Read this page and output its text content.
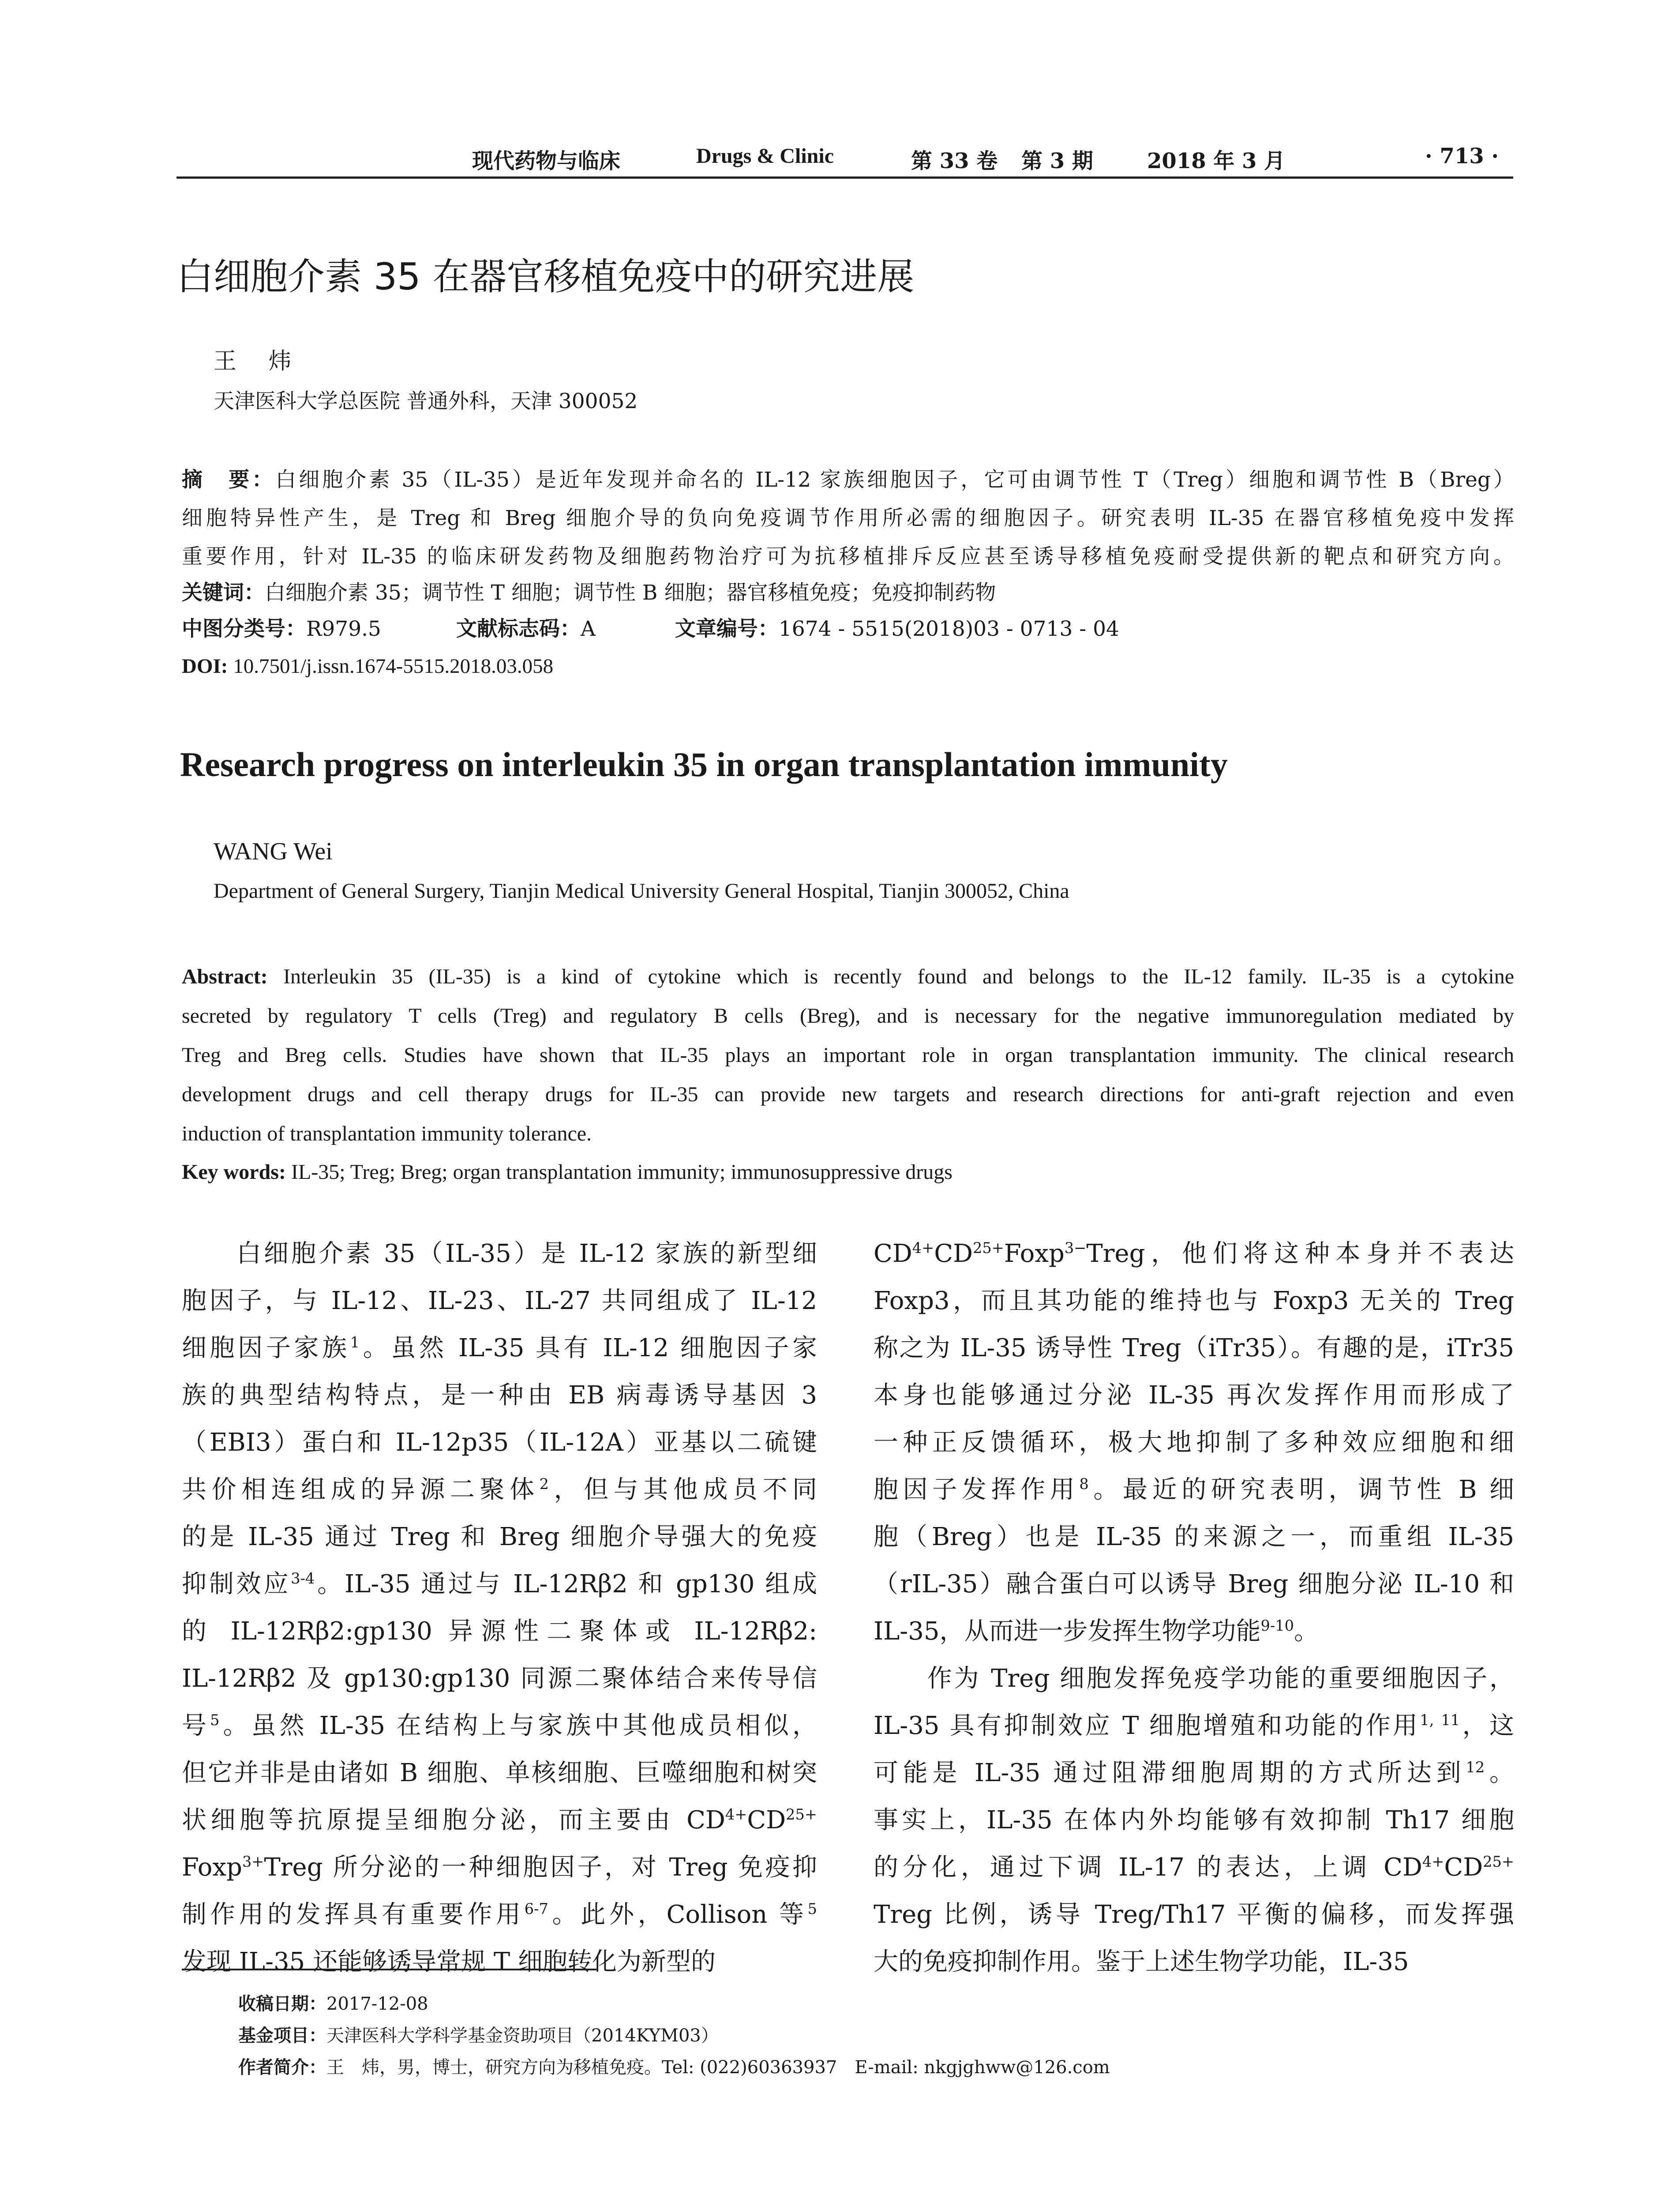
现代药物与临床	Drugs & Clinic	第 33 卷 第 3 期	2018 年 3 月	· 713 ·
白细胞介素 35 在器官移植免疫中的研究进展
王 炜
天津医科大学总医院 普通外科，天津 300052
摘　要：白细胞介素 35（IL-35）是近年发现并命名的 IL-12 家族细胞因子，它可由调节性 T（Treg）细胞和调节性 B（Breg）
细胞特异性产生，是 Treg 和 Breg 细胞介导的负向免疫调节作用所必需的细胞因子。研究表明 IL-35 在器官移植免疫中发挥
重要作用，针对 IL-35 的临床研发药物及细胞药物治疗可为抗移植排斥反应甚至诱导移植免疫耐受提供新的靶点和研究方向。
关键词：白细胞介素 35；调节性 T 细胞；调节性 B 细胞；器官移植免疫；免疫抑制药物
中图分类号：R979.5	文献标志码：A	文章编号：1674 - 5515(2018)03 - 0713 - 04
DOI: 10.7501/j.issn.1674-5515.2018.03.058
Research progress on interleukin 35 in organ transplantation immunity
WANG Wei
Department of General Surgery, Tianjin Medical University General Hospital, Tianjin 300052, China
Abstract: Interleukin 35 (IL-35) is a kind of cytokine which is recently found and belongs to the IL-12 family. IL-35 is a cytokine
secreted by regulatory T cells (Treg) and regulatory B cells (Breg), and is necessary for the negative immunoregulation mediated by
Treg and Breg cells. Studies have shown that IL-35 plays an important role in organ transplantation immunity. The clinical research
development drugs and cell therapy drugs for IL-35 can provide new targets and research directions for anti-graft rejection and even
induction of transplantation immunity tolerance.
Key words: IL-35; Treg; Breg; organ transplantation immunity; immunosuppressive drugs
　　白细胞介素 35（IL-35）是 IL-12 家族的新型细
胞因子，与 IL-12、IL-23、IL-27 共同组成了 IL-12
细胞因子家族$^1$。虽然 IL-35 具有 IL-12 细胞因子家
族的典型结构特点，是一种由 EB 病毒诱导基因 3
（EBI3）蛋白和 IL-12p35（IL-12A）亚基以二硫键
共价相连组成的异源二聚体$^2$，但与其他成员不同
的是 IL-35 通过 Treg 和 Breg 细胞介导强大的免疫
抑制效应$^{3-4}$。IL-35 通过与 IL-12Rβ2 和 gp130 组成
的 IL-12Rβ2:gp130 异源性二聚体或 IL-12Rβ2:
IL-12Rβ2 及 gp130:gp130 同源二聚体结合来传导信
号$^5$。虽然 IL-35 在结构上与家族中其他成员相似，
但它并非是由诸如 B 细胞、单核细胞、巨噬细胞和树突
状细胞等抗原提呈细胞分泌，而主要由 $CD^{4+}CD^{25+}$
Foxp$^{3+}$Treg 所分泌的一种细胞因子，对 Treg 免疫抑
制作用的发挥具有重要作用$^{6-7}$。此外，Collison 等$^5$
发现 IL-35 还能够诱导常规 T 细胞转化为新型的
$CD^{4+}CD^{25+}Foxp^{3-}Treg$，他们将这种本身并不表达
Foxp3，而且其功能的维持也与 Foxp3 无关的 Treg
称之为 IL-35 诱导性 Treg（iTr35）。有趣的是，iTr35
本身也能够通过分泌 IL-35 再次发挥作用而形成了
一种正反馈循环，极大地抑制了多种效应细胞和细
胞因子发挥作用$^8$。最近的研究表明，调节性 B 细
胞（Breg）也是 IL-35 的来源之一，而重组 IL-35
（rIL-35）融合蛋白可以诱导 Breg 细胞分泌 IL-10 和
IL-35，从而进一步发挥生物学功能$^{9-10}$。
　　作为 Treg 细胞发挥免疫学功能的重要细胞因子，
IL-35 具有抑制效应 T 细胞增殖和功能的作用$^{1, 11}$，这
可能是 IL-35 通过阻滞细胞周期的方式所达到$^{12}$。
事实上，IL-35 在体内外均能够有效抑制 Th17 细胞
的分化，通过下调 IL-17 的表达，上调 $CD^{4+}CD^{25+}$
Treg 比例，诱导 Treg/Th17 平衡的偏移，而发挥强
大的免疫抑制作用。鉴于上述生物学功能，IL-35
收稿日期：2017-12-08
基金项目：天津医科大学科学基金资助项目（2014KYM03）
作者简介：王　炜，男，博士，研究方向为移植免疫。Tel: (022)60363937　E-mail: nkgjghww@126.com
